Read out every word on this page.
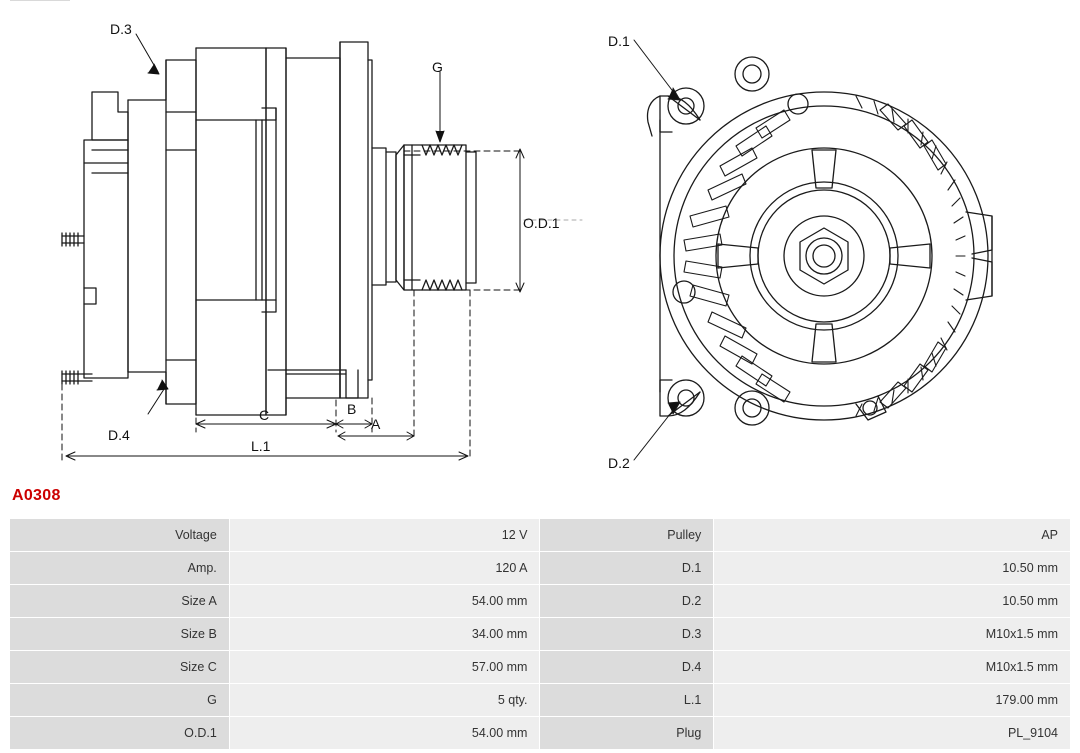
D.3
D.4
G
O.D.1
C	B
A
L.1
D.1
D.2
A0308
Voltage	12 V	Pulley	AP
Amp.	120 A	D.1	10.50 mm
Size A	54.00 mm	D.2	10.50 mm
Size B	34.00 mm	D.3	M10x1.5 mm
Size C	57.00 mm	D.4	M10x1.5 mm
G	5 qty.	L.1	179.00 mm
O.D.1	54.00 mm	Plug	PL_9104
